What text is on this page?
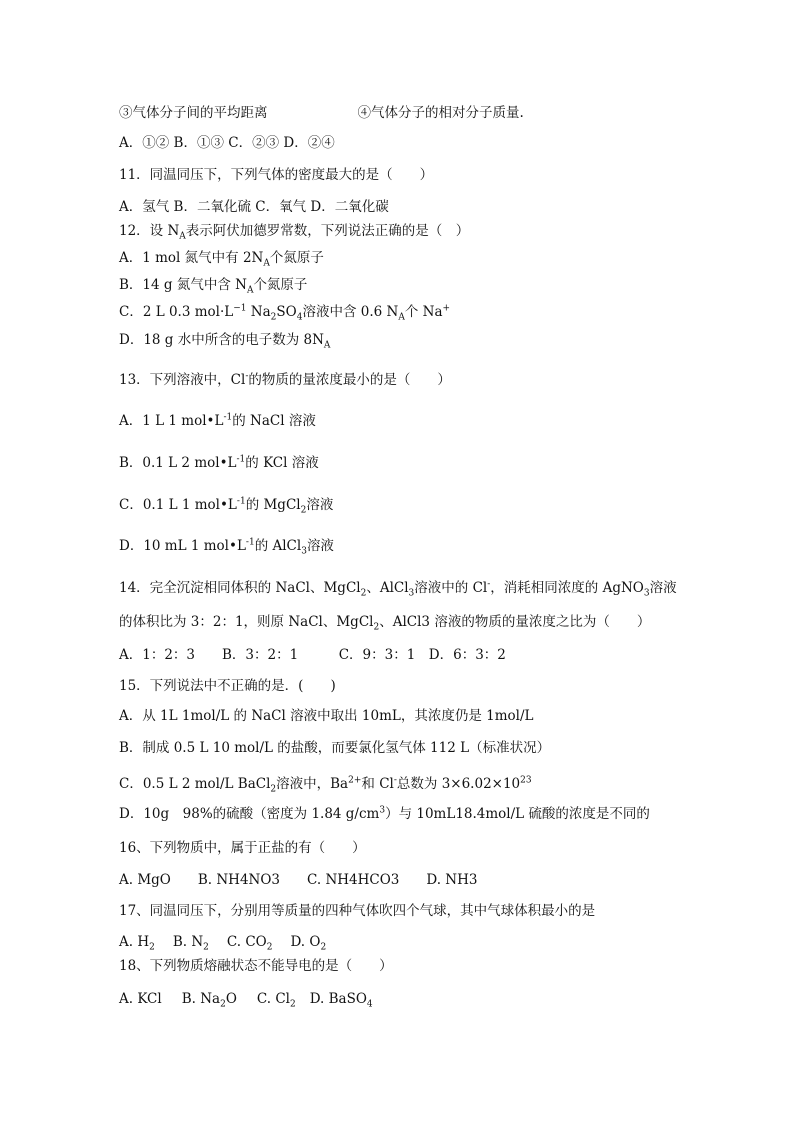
③气体分子间的平均距离	④气体分子的相对分子质量.
A．①② B．①③ C．②③ D．②④
11．同温同压下，下列气体的密度最大的是（　　）
A．氢气 B．二氧化硫 C．氧气 D．二氧化碳
12．设 $N_A$表示阿伏加德罗常数，下列说法正确的是（　）
A．1 mol 氮气中有 $2N_A$个氮原子
B．14 g 氮气中含 $N_A$个氮原子
C．2 L 0.3 $mol\cdot L^{-1}$ $Na_2SO_4$溶液中含 0.6 $N_A$个 Na+
D．18 g 水中所含的电子数为 $8N_A$
13．下列溶液中，Cl-的物质的量浓度最小的是（　　）
A．1 L 1 $mol•L^{-1}$的 NaCl 溶液
B．0.1 L 2 $mol•L^{-1}$的 KCl 溶液
C．0.1 L 1 $mol•L^{-1}$的 MgCl$_2$溶液
D．10 mL 1 $mol•L^{-1}$的 AlCl$_3$溶液
14．完全沉淀相同体积的 NaCl、MgCl$_2$、AlCl$_3$溶液中的 Cl-，消耗相同浓度的 AgNO$_3$溶液
的体积比为 3：2：1，则原 NaCl、MgCl$_2$、AlCl3 溶液的物质的量浓度之比为（　　）
A．1：2：3　　B．3：2：1　　　C．9：3：1　D．6：3：2
15．下列说法中不正确的是．(　　)
A．从 1L 1mol/L 的 NaCl 溶液中取出 10mL，其浓度仍是 1mol/L
B．制成 0.5 L 10 mol/L 的盐酸，而要氯化氢气体 112 L（标准状况）
C．0.5 L 2 mol/L BaCl$_2$溶液中，$Ba^{2+}$和 Cl-总数为 $3\times 6.02\times 10^{23}$
D．10g　98%的硫酸（密度为 1.84 $g/cm^3$）与 10mL18.4mol/L 硫酸的浓度是不同的
16、下列物质中，属于正盐的有（　　）
A. MgO　　B. NH4NO3　　C. NH4HCO3　　D. NH3
17、同温同压下，分别用等质量的四种气体吹四个气球，其中气球体积最小的是
A. $H_2$ B. $N_2$ C. $CO_2$ D. $O_2$
18、下列物质熔融状态不能导电的是（　　）
A. KCl B. $Na_2O$ C. $Cl_2$ D. BaSO$_4$
